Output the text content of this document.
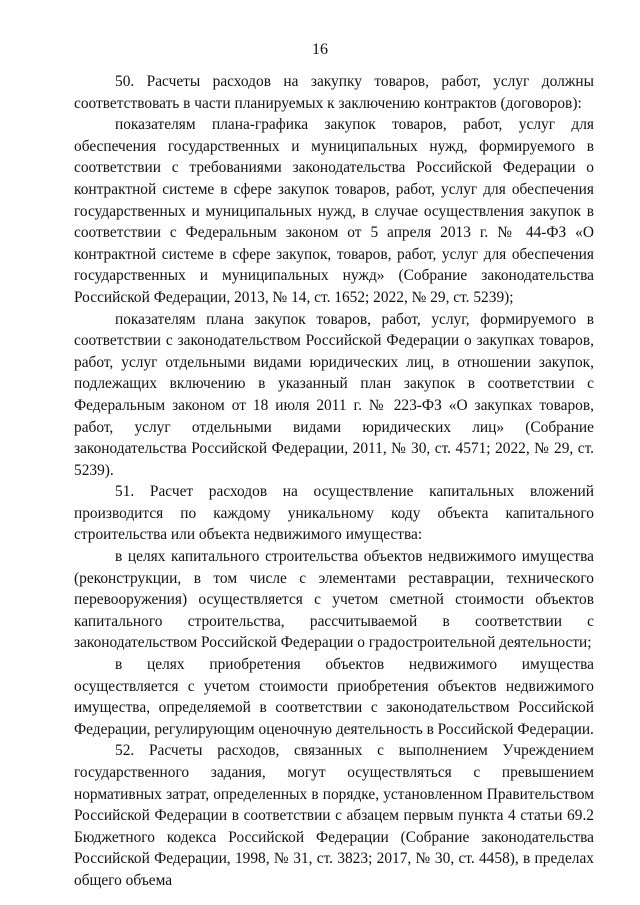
16

50. Расчеты расходов на закупку товаров, работ, услуг должны соответствовать в части планируемых к заключению контрактов (договоров):

показателям плана-графика закупок товаров, работ, услуг для обеспечения государственных и муниципальных нужд, формируемого в соответствии с требованиями законодательства Российской Федерации о контрактной системе в сфере закупок товаров, работ, услуг для обеспечения государственных и муниципальных нужд, в случае осуществления закупок в соответствии с Федеральным законом от 5 апреля 2013 г. № 44-ФЗ «О контрактной системе в сфере закупок, товаров, работ, услуг для обеспечения государственных и муниципальных нужд» (Собрание законодательства Российской Федерации, 2013, № 14, ст. 1652; 2022, № 29, ст. 5239);

показателям плана закупок товаров, работ, услуг, формируемого в соответствии с законодательством Российской Федерации о закупках товаров, работ, услуг отдельными видами юридических лиц, в отношении закупок, подлежащих включению в указанный план закупок в соответствии с Федеральным законом от 18 июля 2011 г. № 223-ФЗ «О закупках товаров, работ, услуг отдельными видами юридических лиц» (Собрание законодательства Российской Федерации, 2011, № 30, ст. 4571; 2022, № 29, ст. 5239).

51. Расчет расходов на осуществление капитальных вложений производится по каждому уникальному коду объекта капитального строительства или объекта недвижимого имущества:

в целях капитального строительства объектов недвижимого имущества (реконструкции, в том числе с элементами реставрации, технического перевооружения) осуществляется с учетом сметной стоимости объектов капитального строительства, рассчитываемой в соответствии с законодательством Российской Федерации о градостроительной деятельности;

в целях приобретения объектов недвижимого имущества осуществляется с учетом стоимости приобретения объектов недвижимого имущества, определяемой в соответствии с законодательством Российской Федерации, регулирующим оценочную деятельность в Российской Федерации.

52. Расчеты расходов, связанных с выполнением Учреждением государственного задания, могут осуществляться с превышением нормативных затрат, определенных в порядке, установленном Правительством Российской Федерации в соответствии с абзацем первым пункта 4 статьи 69.2 Бюджетного кодекса Российской Федерации (Собрание законодательства Российской Федерации, 1998, № 31, ст. 3823; 2017, № 30, ст. 4458), в пределах общего объема
